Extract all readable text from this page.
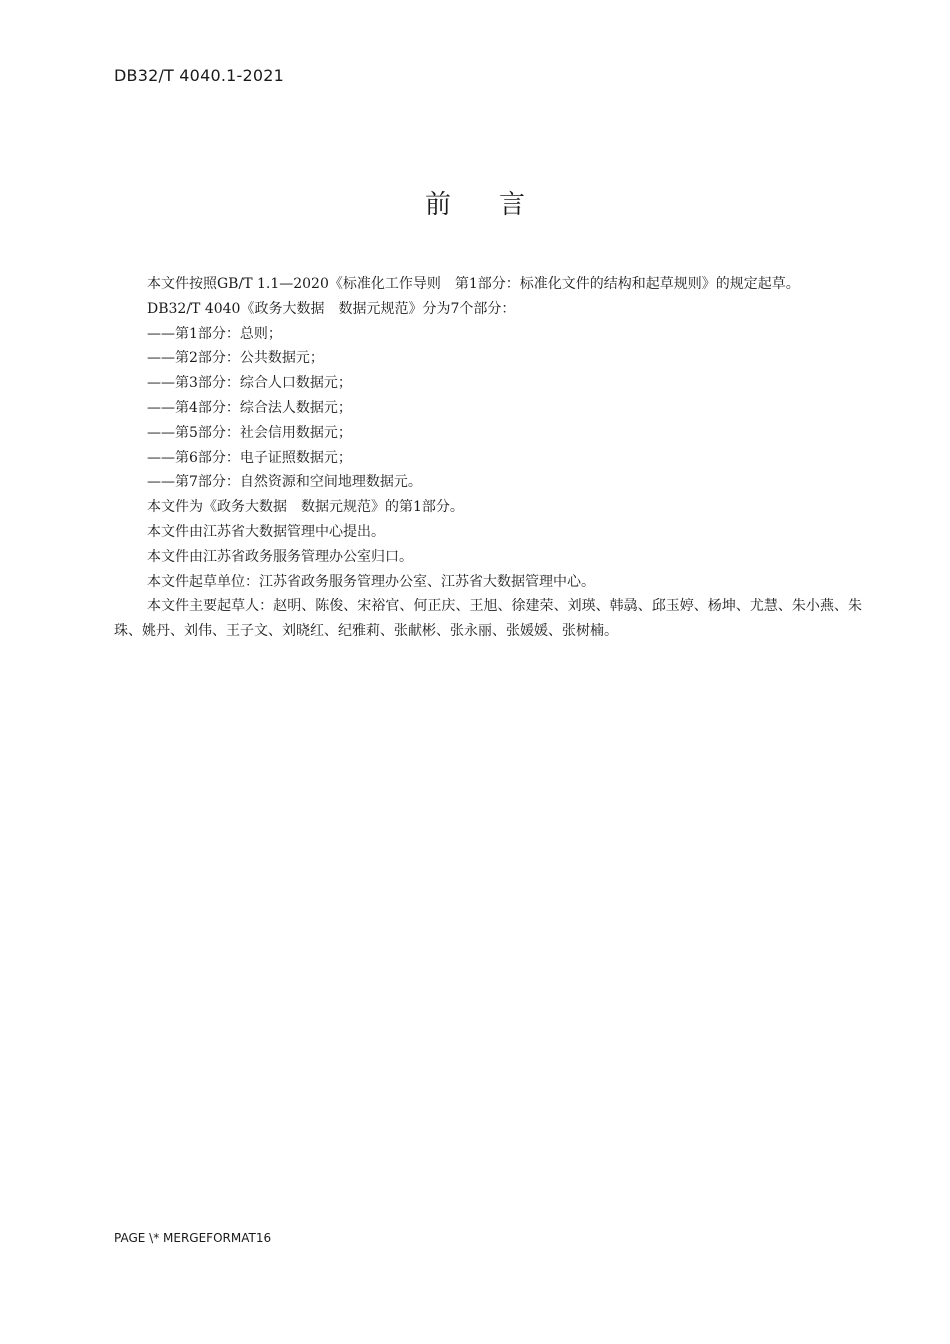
DB32/T 4040.1-2021
前 言

本文件按照GB/T 1.1—2020《标准化工作导则　第1部分：标准化文件的结构和起草规则》的规定起草。

DB32/T 4040《政务大数据　数据元规范》分为7个部分：

——第1部分：总则；

——第2部分：公共数据元；

——第3部分：综合人口数据元；

——第4部分：综合法人数据元；

——第5部分：社会信用数据元；

——第6部分：电子证照数据元；

——第7部分：自然资源和空间地理数据元。

本文件为《政务大数据　数据元规范》的第1部分。

本文件由江苏省大数据管理中心提出。

本文件由江苏省政务服务管理办公室归口。

本文件起草单位：江苏省政务服务管理办公室、江苏省大数据管理中心。

本文件主要起草人：赵明、陈俊、宋裕官、何正庆、王旭、徐建荣、刘瑛、韩骉、邱玉婷、杨坤、尤慧、朱小燕、朱珠、姚丹、刘伟、王子文、刘晓红、纪雅莉、张献彬、张永丽、张媛媛、张树楠。

PAGE \* MERGEFORMAT16
